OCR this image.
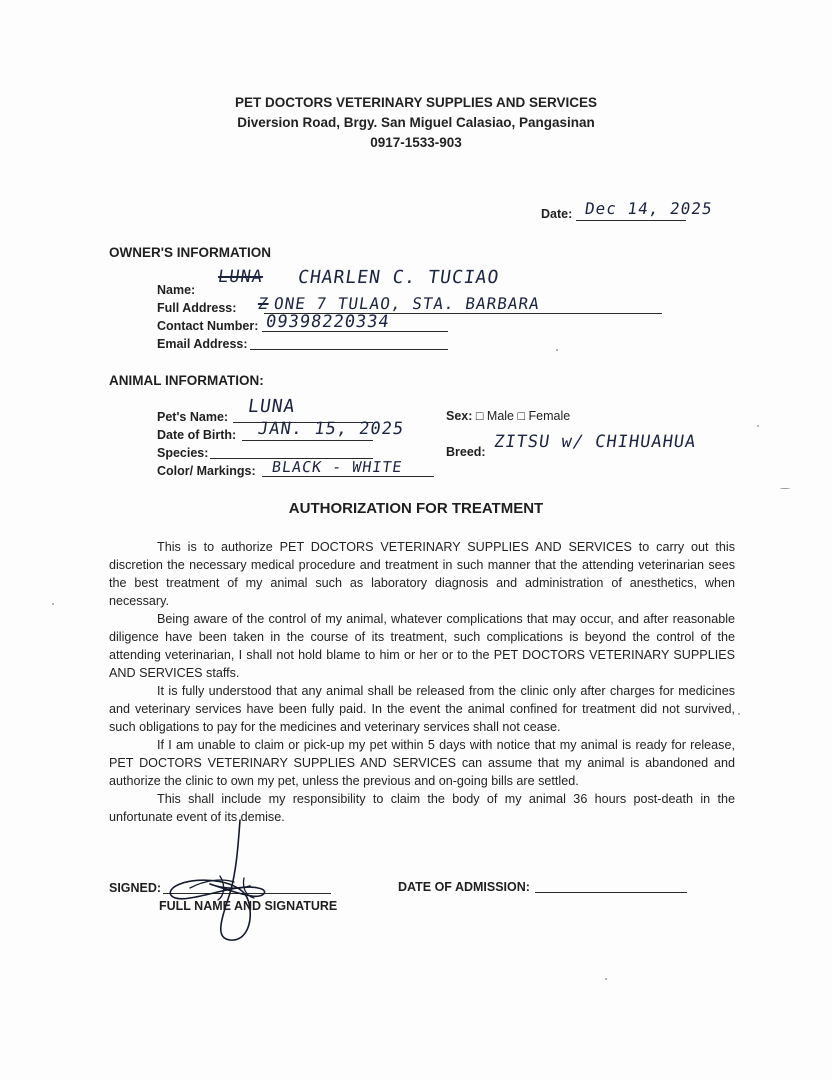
PET DOCTORS VETERINARY SUPPLIES AND SERVICES
Diversion Road, Brgy. San Miguel Calasiao, Pangasinan
0917-1533-903
Date: Dec 14, 2025
OWNER'S INFORMATION
Name:
LUNA CHARLEN C. TUCIAO
Full Address: Z ONE 7 TULAO, STA. BARBARA
Contact Number: 09398220334
Email Address:
ANIMAL INFORMATION:
Pet's Name: LUNA
Date of Birth: JAN. 15, 2025
Species:
Color/ Markings: BLACK - WHITE
Sex: □ Male □ Female
Breed: ZITSU w/ CHIHUAHUA
AUTHORIZATION FOR TREATMENT

This is to authorize PET DOCTORS VETERINARY SUPPLIES AND SERVICES to carry out this discretion the necessary medical procedure and treatment in such manner that the attending veterinarian sees the best treatment of my animal such as laboratory diagnosis and administration of anesthetics, when necessary.

Being aware of the control of my animal, whatever complications that may occur, and after reasonable diligence have been taken in the course of its treatment, such complications is beyond the control of the attending veterinarian, I shall not hold blame to him or her or to the PET DOCTORS VETERINARY SUPPLIES AND SERVICES staffs.

It is fully understood that any animal shall be released from the clinic only after charges for medicines and veterinary services have been fully paid. In the event the animal confined for treatment did not survived, such obligations to pay for the medicines and veterinary services shall not cease.

If I am unable to claim or pick-up my pet within 5 days with notice that my animal is ready for release, PET DOCTORS VETERINARY SUPPLIES AND SERVICES can assume that my animal is abandoned and authorize the clinic to own my pet, unless the previous and on-going bills are settled.

This shall include my responsibility to claim the body of my animal 36 hours post-death in the unfortunate event of its demise.

SIGNED:
FULL NAME AND SIGNATURE
DATE OF ADMISSION:
